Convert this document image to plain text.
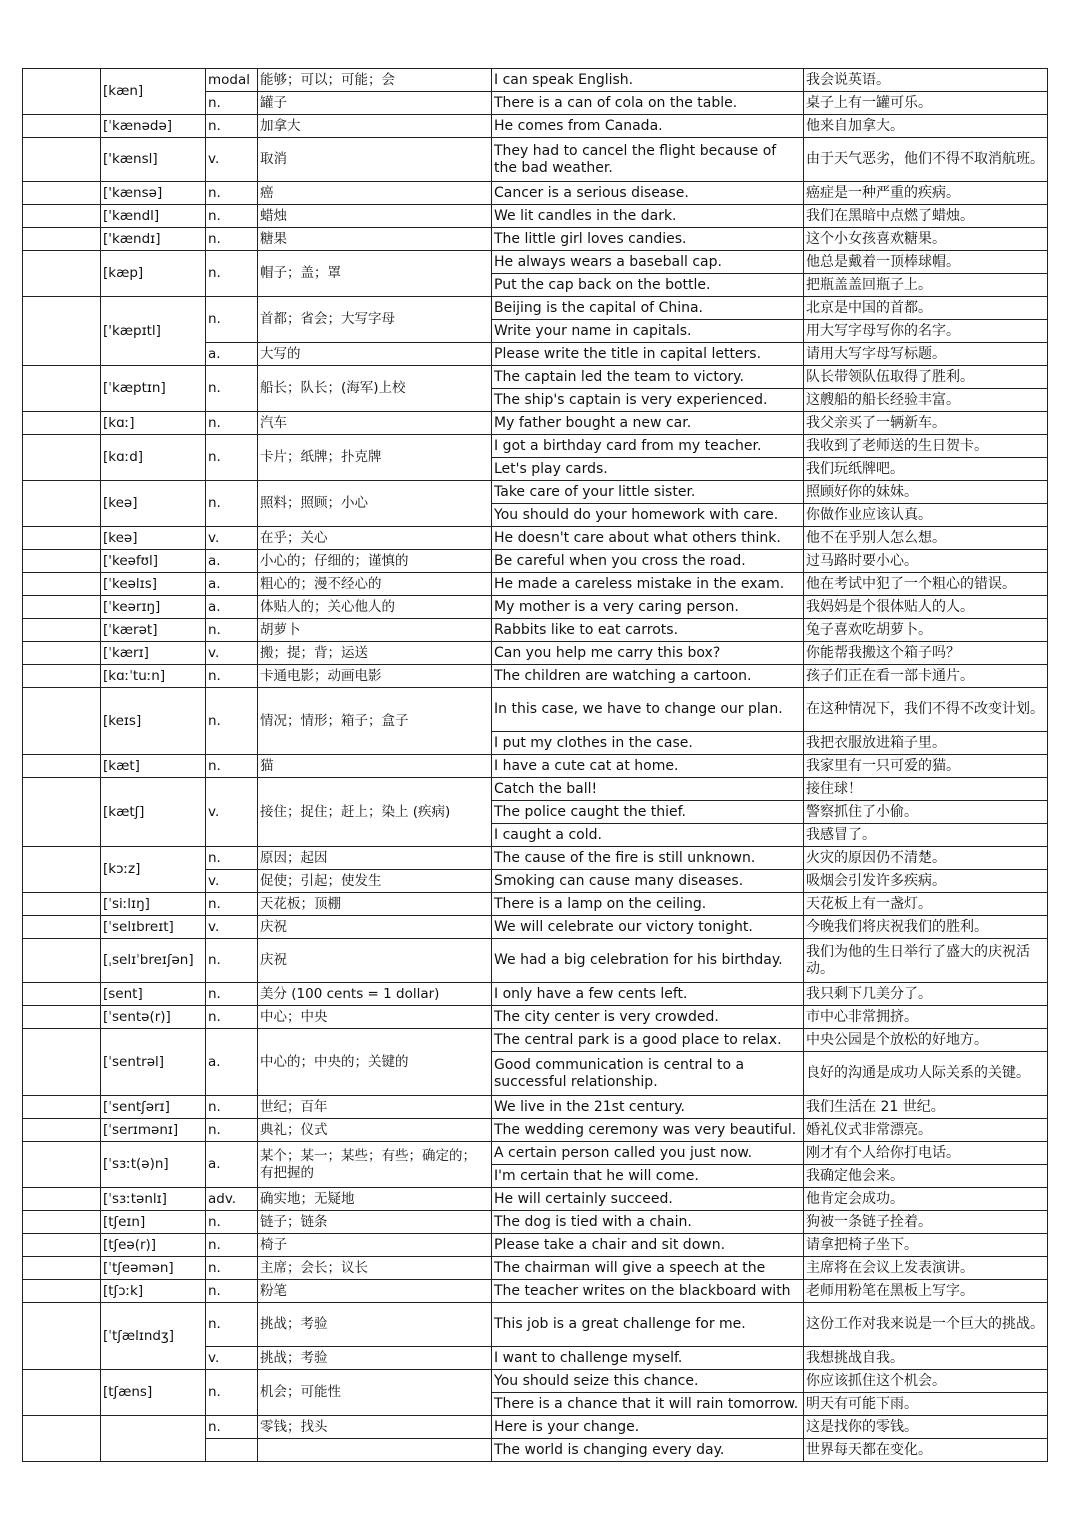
	[kæn]	modal	能够；可以；可能；会	I can speak English.	我会说英语。
		n.	罐子	There is a can of cola on the table.	桌子上有一罐可乐。
	[ˈkænədə]	n.	加拿大	He comes from Canada.	他来自加拿大。
	['kænsl]	v.	取消	They had to cancel the flight because of the bad weather.	由于天气恶劣，他们不得不取消航班。
	['kænsə]	n.	癌	Cancer is a serious disease.	癌症是一种严重的疾病。
	['kændl]	n.	蜡烛	We lit candles in the dark.	我们在黑暗中点燃了蜡烛。
	['kændɪ]	n.	糖果	The little girl loves candies.	这个小女孩喜欢糖果。
	[kæp]	n.	帽子；盖；罩	He always wears a baseball cap.	他总是戴着一顶棒球帽。
				Put the cap back on the bottle.	把瓶盖盖回瓶子上。
	['kæpɪtl]	n.	首都；省会；大写字母	Beijing is the capital of China.	北京是中国的首都。
				Write your name in capitals.	用大写字母写你的名字。
		a.	大写的	Please write the title in capital letters.	请用大写字母写标题。
	[ˈkæptɪn]	n.	船长；队长；(海军)上校	The captain led the team to victory.	队长带领队伍取得了胜利。
				The ship's captain is very experienced.	这艘船的船长经验丰富。
	[kɑː]	n.	汽车	My father bought a new car.	我父亲买了一辆新车。
	[kɑːd]	n.	卡片；纸牌；扑克牌	I got a birthday card from my teacher.	我收到了老师送的生日贺卡。
				Let's play cards.	我们玩纸牌吧。
	[keə]	n.	照料；照顾；小心	Take care of your little sister.	照顾好你的妹妹。
				You should do your homework with care.	你做作业应该认真。
	[keə]	v.	在乎；关心	He doesn't care about what others think.	他不在乎别人怎么想。
	['keəfʊl]	a.	小心的；仔细的；谨慎的	Be careful when you cross the road.	过马路时要小心。
	[ˈkeəlɪs]	a.	粗心的；漫不经心的	He made a careless mistake in the exam.	他在考试中犯了一个粗心的错误。
	[ˈkeərɪŋ]	a.	体贴人的；关心他人的	My mother is a very caring person.	我妈妈是个很体贴人的人。
	[ˈkærət]	n.	胡萝卜	Rabbits like to eat carrots.	兔子喜欢吃胡萝卜。
	[ˈkærɪ]	v.	搬；提；背；运送	Can you help me carry this box?	你能帮我搬这个箱子吗？
	[kɑːˈtuːn]	n.	卡通电影；动画电影	The children are watching a cartoon.	孩子们正在看一部卡通片。
	[keɪs]	n.	情况；情形；箱子；盒子	In this case, we have to change our plan.	在这种情况下，我们不得不改变计划。
				I put my clothes in the case.	我把衣服放进箱子里。
	[kæt]	n.	猫	I have a cute cat at home.	我家里有一只可爱的猫。
	[kætʃ]	v.	接住；捉住；赶上；染上 (疾病)	Catch the ball!	接住球！
				The police caught the thief.	警察抓住了小偷。
				I caught a cold.	我感冒了。
	[kɔːz]	n.	原因；起因	The cause of the fire is still unknown.	火灾的原因仍不清楚。
		v.	促使；引起；使发生	Smoking can cause many diseases.	吸烟会引发许多疾病。
	[ˈsiːlɪŋ]	n.	天花板；顶棚	There is a lamp on the ceiling.	天花板上有一盏灯。
	[ˈselɪbreɪt]	v.	庆祝	We will celebrate our victory tonight.	今晚我们将庆祝我们的胜利。
	[ˌselɪˈbreɪʃən]	n.	庆祝	We had a big celebration for his birthday.	我们为他的生日举行了盛大的庆祝活动。
	[sent]	n.	美分 (100 cents = 1 dollar)	I only have a few cents left.	我只剩下几美分了。
	[ˈsentə(r)]	n.	中心；中央	The city center is very crowded.	市中心非常拥挤。
	[ˈsentrəl]	a.	中心的；中央的；关键的	The central park is a good place to relax.	中央公园是个放松的好地方。
				Good communication is central to a successful relationship.	良好的沟通是成功人际关系的关键。
	[ˈsentʃərɪ]	n.	世纪；百年	We live in the 21st century.	我们生活在 21 世纪。
	[ˈserɪmənɪ]	n.	典礼；仪式	The wedding ceremony was very beautiful.	婚礼仪式非常漂亮。
	[ˈsɜːt(ə)n]	a.	某个；某一；某些；有些；确定的；有把握的	A certain person called you just now.	刚才有个人给你打电话。
				I'm certain that he will come.	我确定他会来。
	[ˈsɜːtənlɪ]	adv.	确实地；无疑地	He will certainly succeed.	他肯定会成功。
	[tʃeɪn]	n.	链子；链条	The dog is tied with a chain.	狗被一条链子拴着。
	[tʃeə(r)]	n.	椅子	Please take a chair and sit down.	请拿把椅子坐下。
	[ˈtʃeəmən]	n.	主席；会长；议长	The chairman will give a speech at the	主席将在会议上发表演讲。
	[tʃɔːk]	n.	粉笔	The teacher writes on the blackboard with	老师用粉笔在黑板上写字。
	[ˈtʃælɪndʒ]	n.	挑战；考验	This job is a great challenge for me.	这份工作对我来说是一个巨大的挑战。
		v.	挑战；考验	I want to challenge myself.	我想挑战自我。
	[tʃæns]	n.	机会；可能性	You should seize this chance.	你应该抓住这个机会。
				There is a chance that it will rain tomorrow.	明天有可能下雨。
		n.	零钱；找头	Here is your change.	这是找你的零钱。
				The world is changing every day.	世界每天都在变化。
